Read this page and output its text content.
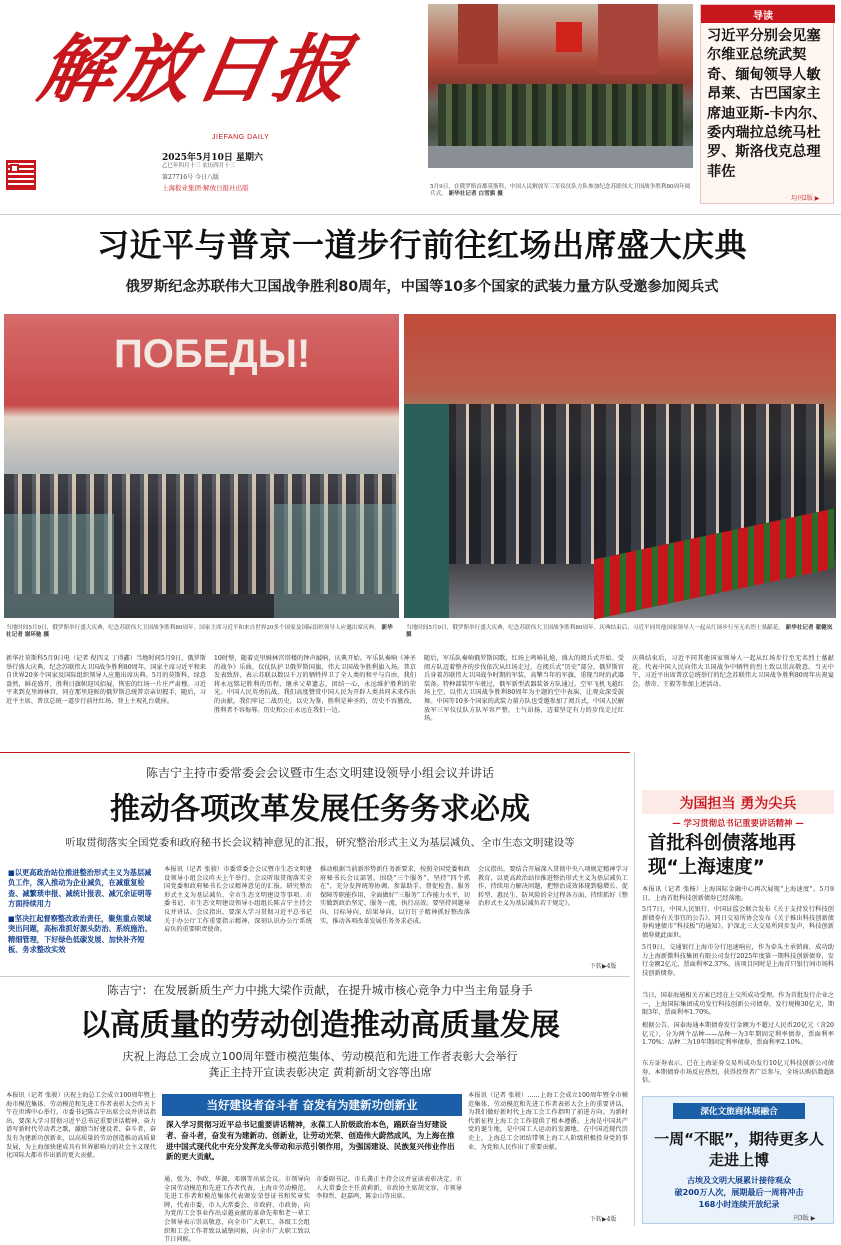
解放日报
JIEFANG DAILY
2025年5月10日 星期六
乙巳年四月十三 农历四月十三
第27716号 今日八版
上海报业集团·解放日报社出版	5月9日，在俄罗斯首都莫斯科，中国人民解放军三军仪仗队方队参加纪念苏联伟大卫国战争胜利80周年阅兵式。 新华社记者 白雪骐 摄
导读
习近平分别会见塞尔维亚总统武契奇、缅甸领导人敏昂莱、古巴国家主席迪亚斯-卡内尔、委内瑞拉总统马杜罗、斯洛伐克总理菲佐
均刊2版 ▶
习近平与普京一道步行前往红场出席盛大庆典
俄罗斯纪念苏联伟大卫国战争胜利80周年，中国等10多个国家的武装力量方队受邀参加阅兵式
ПОБЕДЫ!
当地时间5月9日，俄罗斯举行盛大庆典，纪念苏联伟大卫国战争胜利80周年。国家主席习近平和来自世界20多个国家及国际组织领导人应邀出席庆典。 新华社记者 谢环驰 摄
当地时间5月9日，俄罗斯举行盛大庆典，纪念苏联伟大卫国战争胜利80周年。庆典结束后，习近平同其他国家领导人一起从红场步行至无名烈士墓献花。 新华社记者 翟健岚 摄
新华社莫斯科5月9日电（记者 倪四义 丁得鑫）当地时间5月9日，俄罗斯举行盛大庆典，纪念苏联伟大卫国战争胜利80周年。国家主席习近平和来自世界20多个国家及国际组织领导人应邀出席庆典。5月的莫斯科，绿意盎然，鲜花盛开，胜利日旗帜迎风招展，恢宏的红场一片庄严肃穆。习近平来到克里姆林宫，同在那里迎候的俄罗斯总统普京亲切握手，随后，习近平主席、普京总统一道步行前往红场，登上主观礼台就座。
10时整，随着克里姆林宫塔楼的钟声敲响，庆典开始。军乐队奏响《神圣的战争》乐曲，仪仗队护卫俄罗斯国旗、伟大卫国战争胜利旗入场。普京发表致辞，表示苏联以数以千万的牺牲捍卫了全人类的和平与自由，我们将永远铭记胜利的历程，继承父辈遗志，团结一心，永远维护胜利的荣光。中国人民英勇抗战，我们高度赞赏中国人民为开辟人类共同未来作出的贡献。我们牢记二战历史，以史为鉴，胜利是神圣的，历史不容篡改，胜利者不容侮辱。历史和公正永远在我们一边。
随后，军乐队奏响俄罗斯国歌，红场上鸣响礼炮，盛大的阅兵式开始。受阅方队迈着整齐的步伐依次从红场走过，在阅兵式“历史”部分，俄罗斯官兵身着苏联伟大卫国战争时期的军装，高擎当年的军旗，重现当时的武器装备。特种部装甲车驶过，俄军新型武器装备方队通过。空军飞机飞越红场上空，以伟大卫国战争胜利80周年为主题的空中表演，让观众深受鼓舞。中国等10多个国家的武装力量方队也受邀参加了阅兵式，中国人民解放军三军仪仗队方队军容严整，士气昂扬，迈着坚定有力的步伐走过红场。
庆典结束后，习近平同其他国家领导人一起从红场步行至无名烈士墓献花。代表中国人民向伟大卫国战争中牺牲的烈士致以崇高敬意。当天中午，习近平出席普京总统举行的纪念苏联伟大卫国战争胜利80周年庆祝宴会。蔡奇、王毅等参加上述活动。
陈吉宁主持市委常委会会议暨市生态文明建设领导小组会议并讲话
推动各项改革发展任务务求必成
听取贯彻落实全国党委和政府秘书长会议精神意见的汇报，研究整治形式主义为基层减负、全市生态文明建设等
■以更高政治站位推进整治形式主义为基层减负工作，深入推动为企业减负，在减重复检查、减繁琐申报、减统计报表、减冗余证明等方面持续用力
■坚决扛起督察整改政治责任，聚焦重点领域突出问题，高标准抓好源头防治、系统施治、精细管理，下好绿色低碳发展、加快补齐短板、务求整改实效
本报讯（记者 张骏）市委常委会会议暨市生态文明建设领导小组会议昨天上午举行。会议听取贯彻落实全国党委和政府秘书长会议精神意见的汇报。研究整治形式主义为基层减负、全市生态文明建设等事项。市委书记、市生态文明建设领导小组组长陈吉宁主持会议并讲话。会议指出，要深入学习贯彻习近平总书记关于办公厅工作重要指示精神，深刻认识办公厅系统肩负的重要职责使命。
推动根据当前新形势新任务新要求，按照全国党委和政府秘书长会议部署，围绕“三个服务”，坚持“四个抓在”，充分发挥统筹协调、参谋助手、督促检查、服务保障等职能作用，全面做好“三服务”工作能力水平，切实做到政治坚定、服务一流，执行高效。要坚持问题导向、目标导向、结果导向，以钉钉子精神抓好整改落实，推动各项改革发展任务务求必成。
会议指出，要结合开展深入贯彻中央八项规定精神学习教育，以更高政治站位推进整治形式主义为基层减负工作，持续用力解决问题，把整治成效体现到稳增长、促转型、惠民生、防风险的全过程各方面，持续抓好《整治形式主义为基层减负若干规定》。
下转▶4版
陈吉宁：在发展新质生产力中挑大梁作贡献，在提升城市核心竞争力中当主角显身手
以高质量的劳动创造推动高质量发展
庆祝上海总工会成立100周年暨市模范集体、劳动模范和先进工作者表彰大会举行
龚正主持开宣读表彰决定 黄莉新胡文容等出席
本报讯（记者 张骏）庆祝上海总工会成立100周年暨上海市模范集体、劳动模范和先进工作者表彰大会昨天下午在世博中心举行。市委书记陈吉宁出席会议并讲话指出，要深入学习贯彻习近平总书记重要讲话精神，奋力谱写新时代劳动者之歌，激励当好建设者、奋斗者，奋发有为建新功创新业，以高质量的劳动创造推动高质量发展，为上海加快建成具有世界影响力的社会主义现代化国际大都市作出新的更大贡献。
当好建设者奋斗者 奋发有为建新功创新业
深入学习贯彻习近平总书记重要讲话精神，永葆工人阶级政治本色，踊跃奋当好建设者、奋斗者，奋发有为建新功、创新业，让劳动光荣、创造伟大蔚然成风，为上海在推进中国式现代化中充分发挥龙头带动和示范引领作用，为强国建设、民族复兴伟业作出新的更大贡献。
通、张为、李政、华源、邓钢等出席会议。市领导向全国劳动模范和先进工作者代表，上海市劳动模范、先进工作者和模范集体代表颁发荣誉证书和奖章奖牌，代表市委、市人大常委会、市政府、市政协，向为党的工会事业作出卓越贡献的革命先辈和老一辈工会领导表示崇高敬意，向全市广大职工、各级工会组织和工会工作者致以诚挚问候，向全市广大职工致以节日问候。
市委副书记、市长龚正主持会议并宣读表彰决定。市人大常委会主任黄莉新、市政协主席胡文容，市领导李仰哲、赵嘉鸣、陈金山等出席。
本报讯（记者 张骏）……上海工会成立100周年暨全市模范集体、劳动模范和先进工作者表彰大会上的重要讲话，为我们做好新时代上海工会工作指明了前进方向。为新时代新征程上海工会工作提供了根本遵循。上海是中国共产党的诞生地，是中国工人运动的发源地，在中国近现代历史上，上海总工会团结带领上海工人阶级积极投身党的事业，为党和人民作出了重要贡献。
下转▶4版
为国担当 勇为尖兵
— 学习贯彻总书记重要讲话精神 —
首批科创债落地再现“上海速度”
本报讯（记者 张杨）上海国际金融中心再次展现“上海速度”。5月9日，上海首批科技创新债券已经落地。
5月7日，中国人民银行、中国证监会联合发布《关于支持发行科技创新债券有关事宜的公告》，同日交易所协会发布《关于推出科技创新债券构建债市“科技板”的通知》。沪深北三大交易所同步发声，科技创新债券就此面世。
5月9日，交通银行上海市分行迅速响应，作为牵头主承销商，成功助力上海新微科技集团有限公司发行2025年度第一期科技创新债券，发行金额2亿元，票面利率2.37%，该项目同时是上海首只银行间市场科技创新债券。
当日，国泰海通相关方案已经在上交所成功受理。作为首批发行企业之一，上海国际集团成功发行科技创新公司债券，发行规模30亿元，期限3年，票面利率1.70%。
根据公告，国泰海通本期债券发行金额为不超过人民币20亿元（含20亿元），分为两个品种——品种一为3年期固定利率债券，票面利率1.70%；品种二为10年期固定利率债券，票面利率2.10%。
东方证券表示，已在上海证券交易所成功发行10亿元科技创新公司债券，本期债券市场反应热烈，获得投资者广泛参与，全场认购倍数超8倍。
深化文旅商体展融合
一周“不眠”，期待更多人走进上博
古埃及文明大展累计接待观众
破200万人次，展期最后一周将冲击
168小时连续开放纪录
刊3版 ▶
